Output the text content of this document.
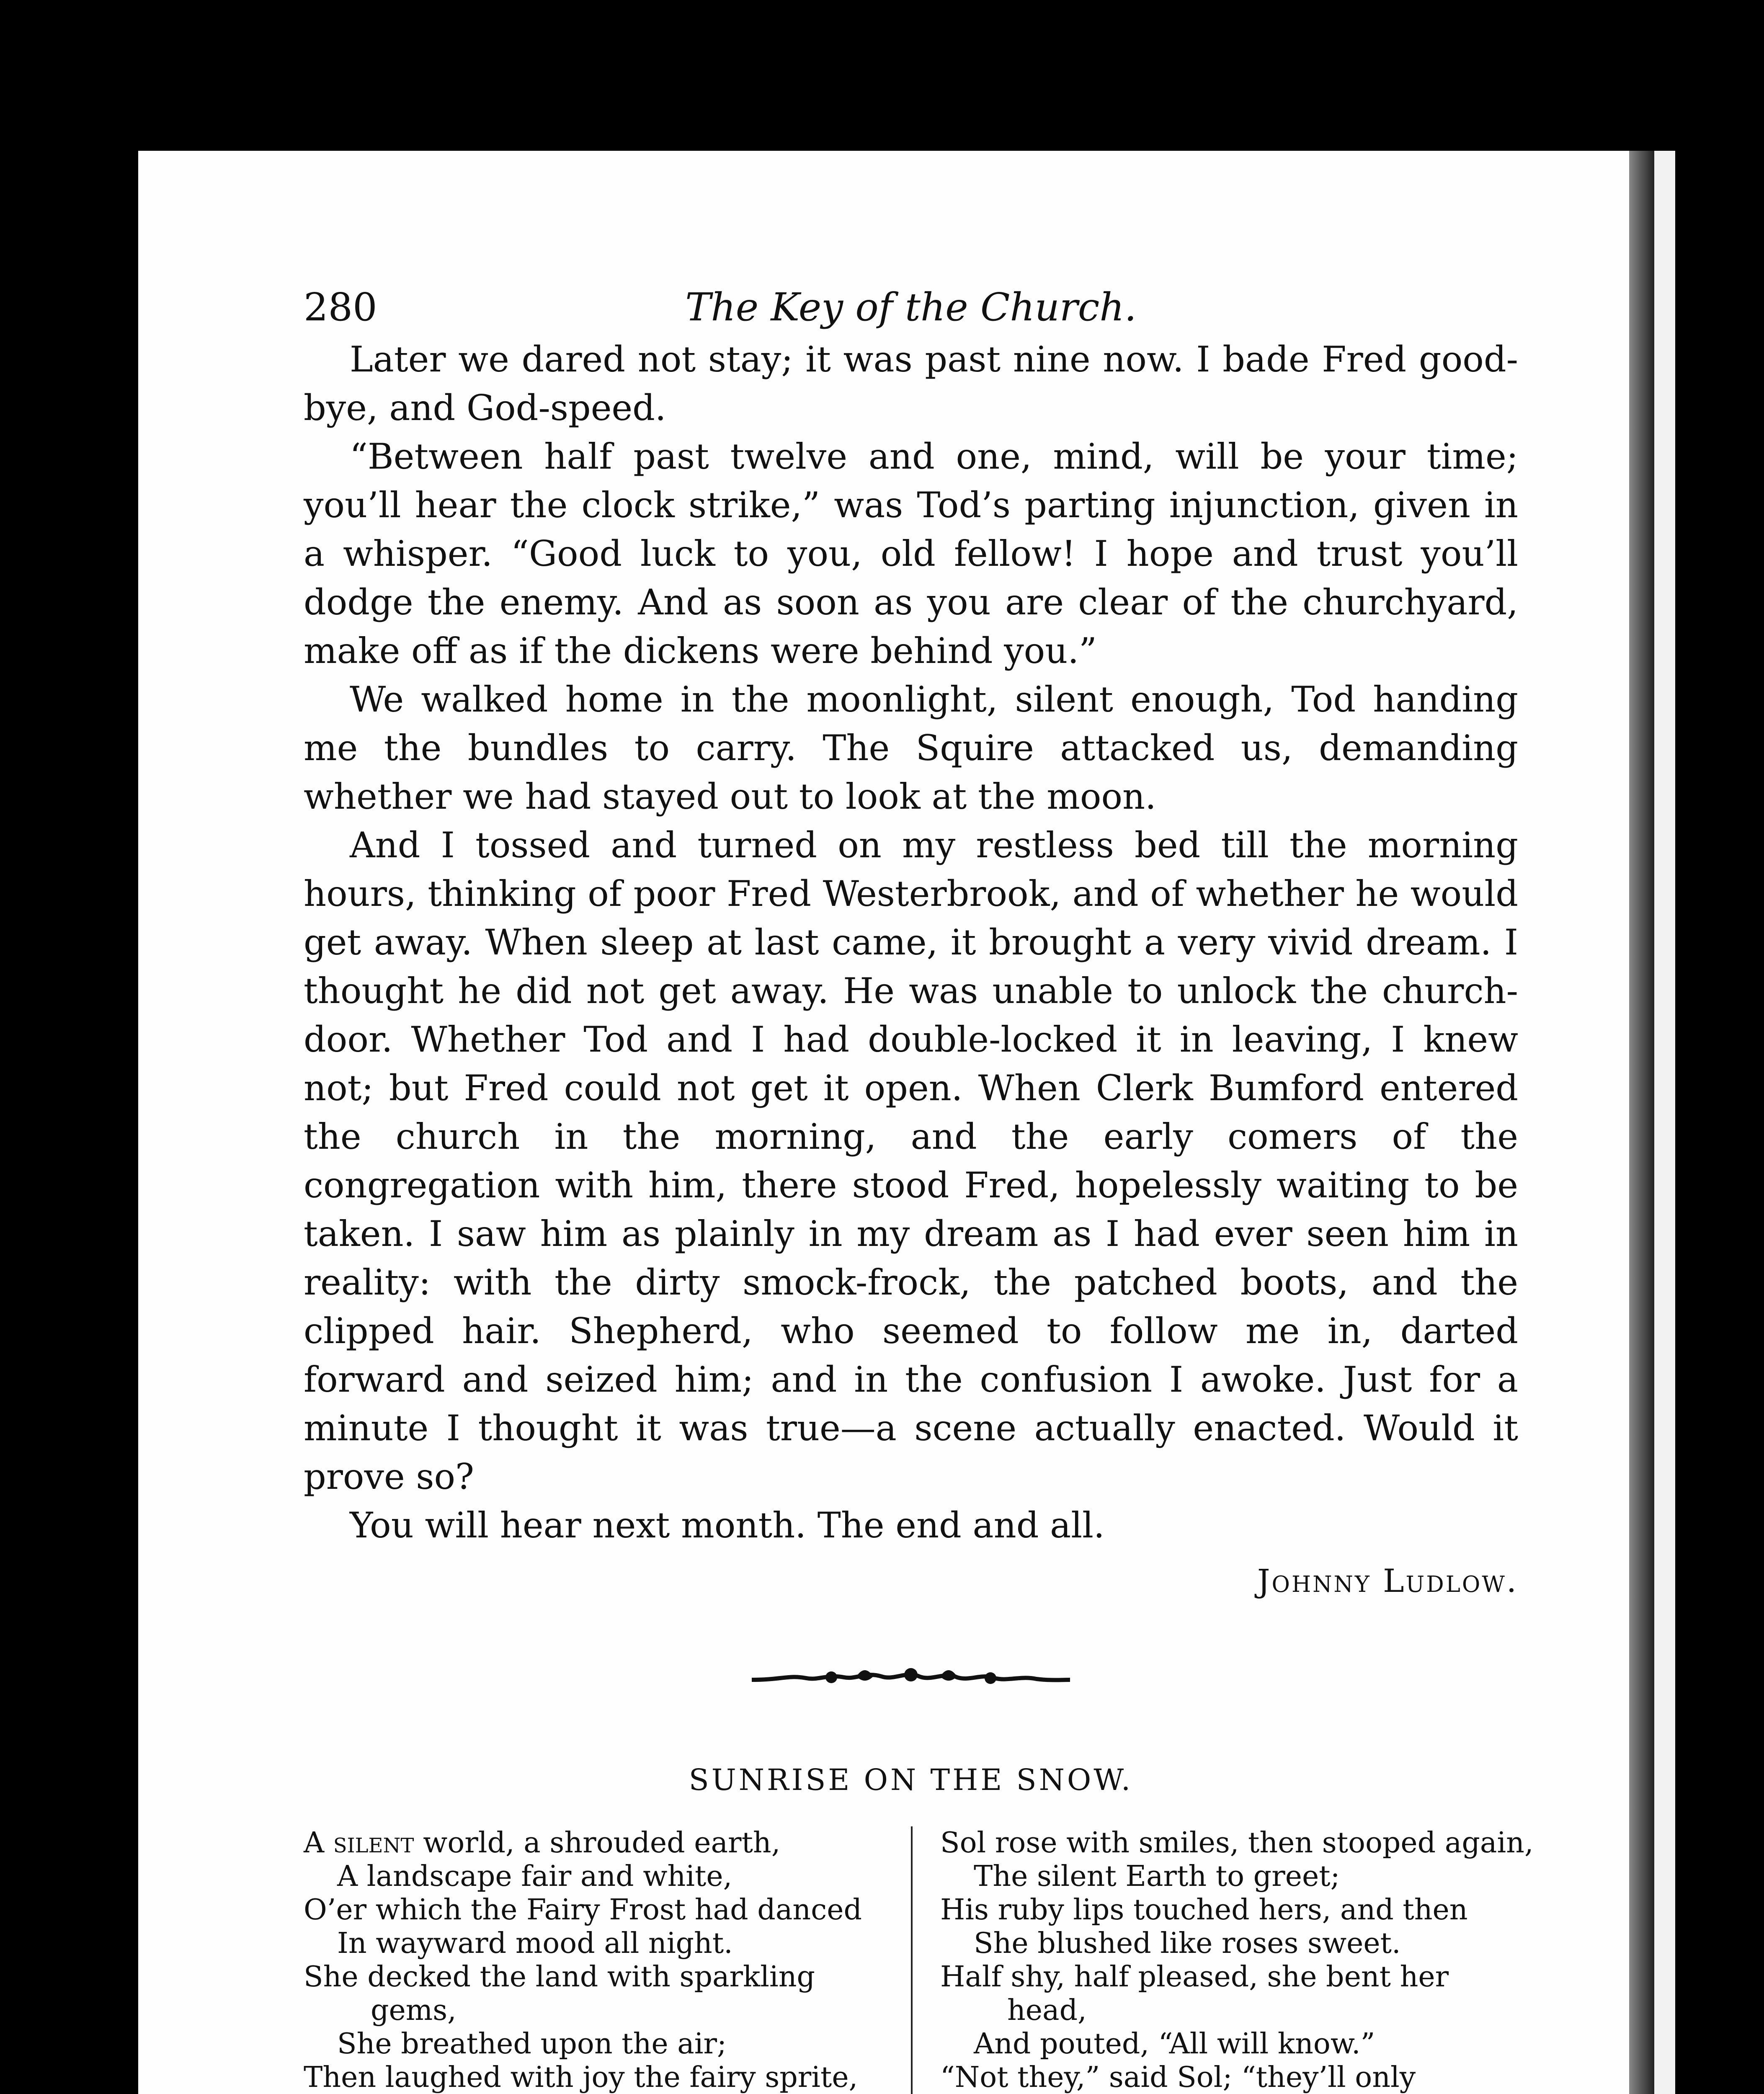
280	The Key of the Church.

Later we dared not stay; it was past nine now. I bade Fred good-bye, and God-speed.

“Between half past twelve and one, mind, will be your time; you’ll hear the clock strike,” was Tod’s parting injunction, given in a whisper. “Good luck to you, old fellow! I hope and trust you’ll dodge the enemy. And as soon as you are clear of the churchyard, make off as if the dickens were behind you.”

We walked home in the moonlight, silent enough, Tod handing me the bundles to carry. The Squire attacked us, demanding whether we had stayed out to look at the moon.

And I tossed and turned on my restless bed till the morning hours, thinking of poor Fred Westerbrook, and of whether he would get away. When sleep at last came, it brought a very vivid dream. I thought he did not get away. He was unable to unlock the church-door. Whether Tod and I had double-locked it in leaving, I knew not; but Fred could not get it open. When Clerk Bumford entered the church in the morning, and the early comers of the congregation with him, there stood Fred, hopelessly waiting to be taken. I saw him as plainly in my dream as I had ever seen him in reality: with the dirty smock-frock, the patched boots, and the clipped hair. Shepherd, who seemed to follow me in, darted forward and seized him; and in the confusion I awoke. Just for a minute I thought it was true—a scene actually enacted. Would it prove so?

You will hear next month. The end and all.

Johnny Ludlow.
SUNRISE ON THE SNOW.
A silent world, a shrouded earth,
A landscape fair and white,
O’er which the Fairy Frost had danced
In wayward mood all night.
She decked the land with sparkling
gems,
She breathed upon the air;
Then laughed with joy the fairy sprite,
Sol rose with smiles, then stooped again,
The silent Earth to greet;
His ruby lips touched hers, and then
She blushed like roses sweet.
Half shy, half pleased, she bent her
head,
And pouted, “All will know.”
“Not they,” said Sol; “they’ll only
